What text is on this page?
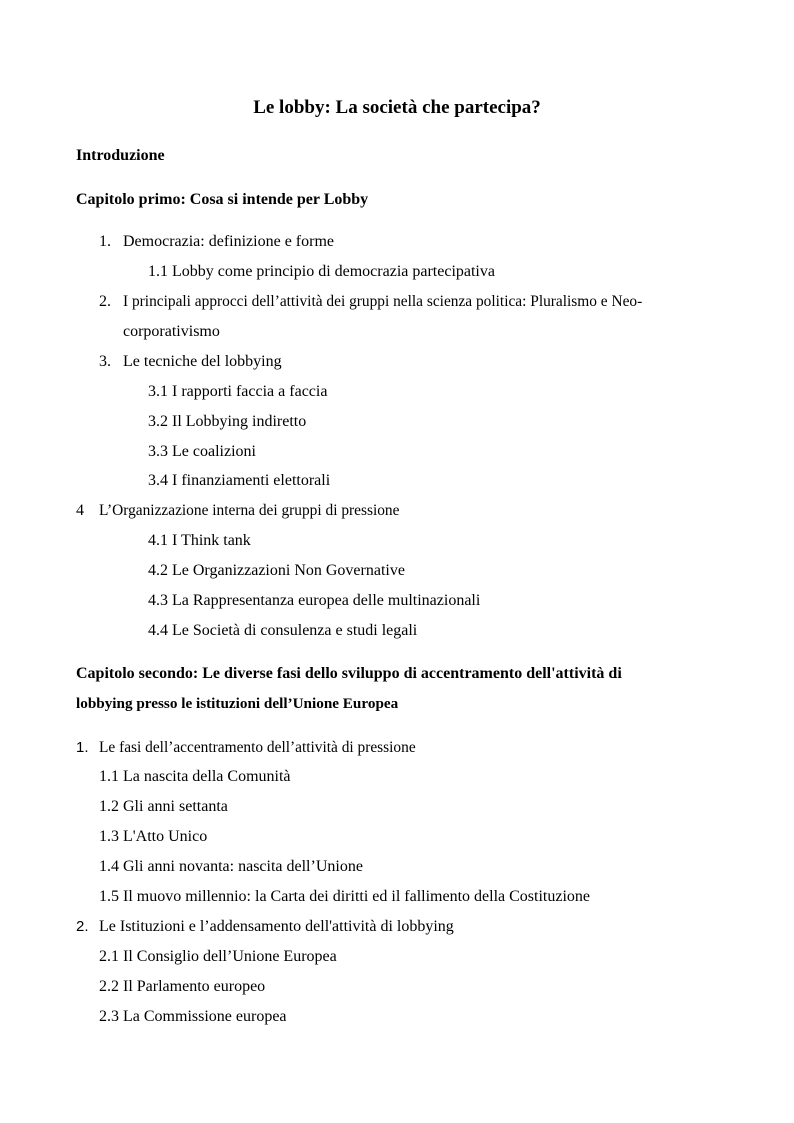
Le lobby: La società che partecipa?
Introduzione
Capitolo primo: Cosa si intende per Lobby
1. Democrazia: definizione e forme
1.1 Lobby come principio di democrazia partecipativa
2. I principali approcci dell’attività dei gruppi nella scienza politica: Pluralismo e Neo-
corporativismo
3. Le tecniche del lobbying
3.1 I rapporti faccia a faccia
3.2 Il Lobbying indiretto
3.3 Le coalizioni
3.4 I finanziamenti elettorali
4 L’Organizzazione interna dei gruppi di pressione
4.1 I Think tank
4.2 Le Organizzazioni Non Governative
4.3 La Rappresentanza europea delle multinazionali
4.4 Le Società di consulenza e studi legali
Capitolo secondo: Le diverse fasi dello sviluppo di accentramento dell'attività di
lobbying presso le istituzioni dell’Unione Europea
1. Le fasi dell’accentramento dell’attività di pressione
1.1 La nascita della Comunità
1.2 Gli anni settanta
1.3 L'Atto Unico
1.4 Gli anni novanta: nascita dell’Unione
1.5 Il muovo millennio: la Carta dei diritti ed il fallimento della Costituzione
2. Le Istituzioni e l’addensamento dell'attività di lobbying
2.1 Il Consiglio dell’Unione Europea
2.2 Il Parlamento europeo
2.3 La Commissione europea
